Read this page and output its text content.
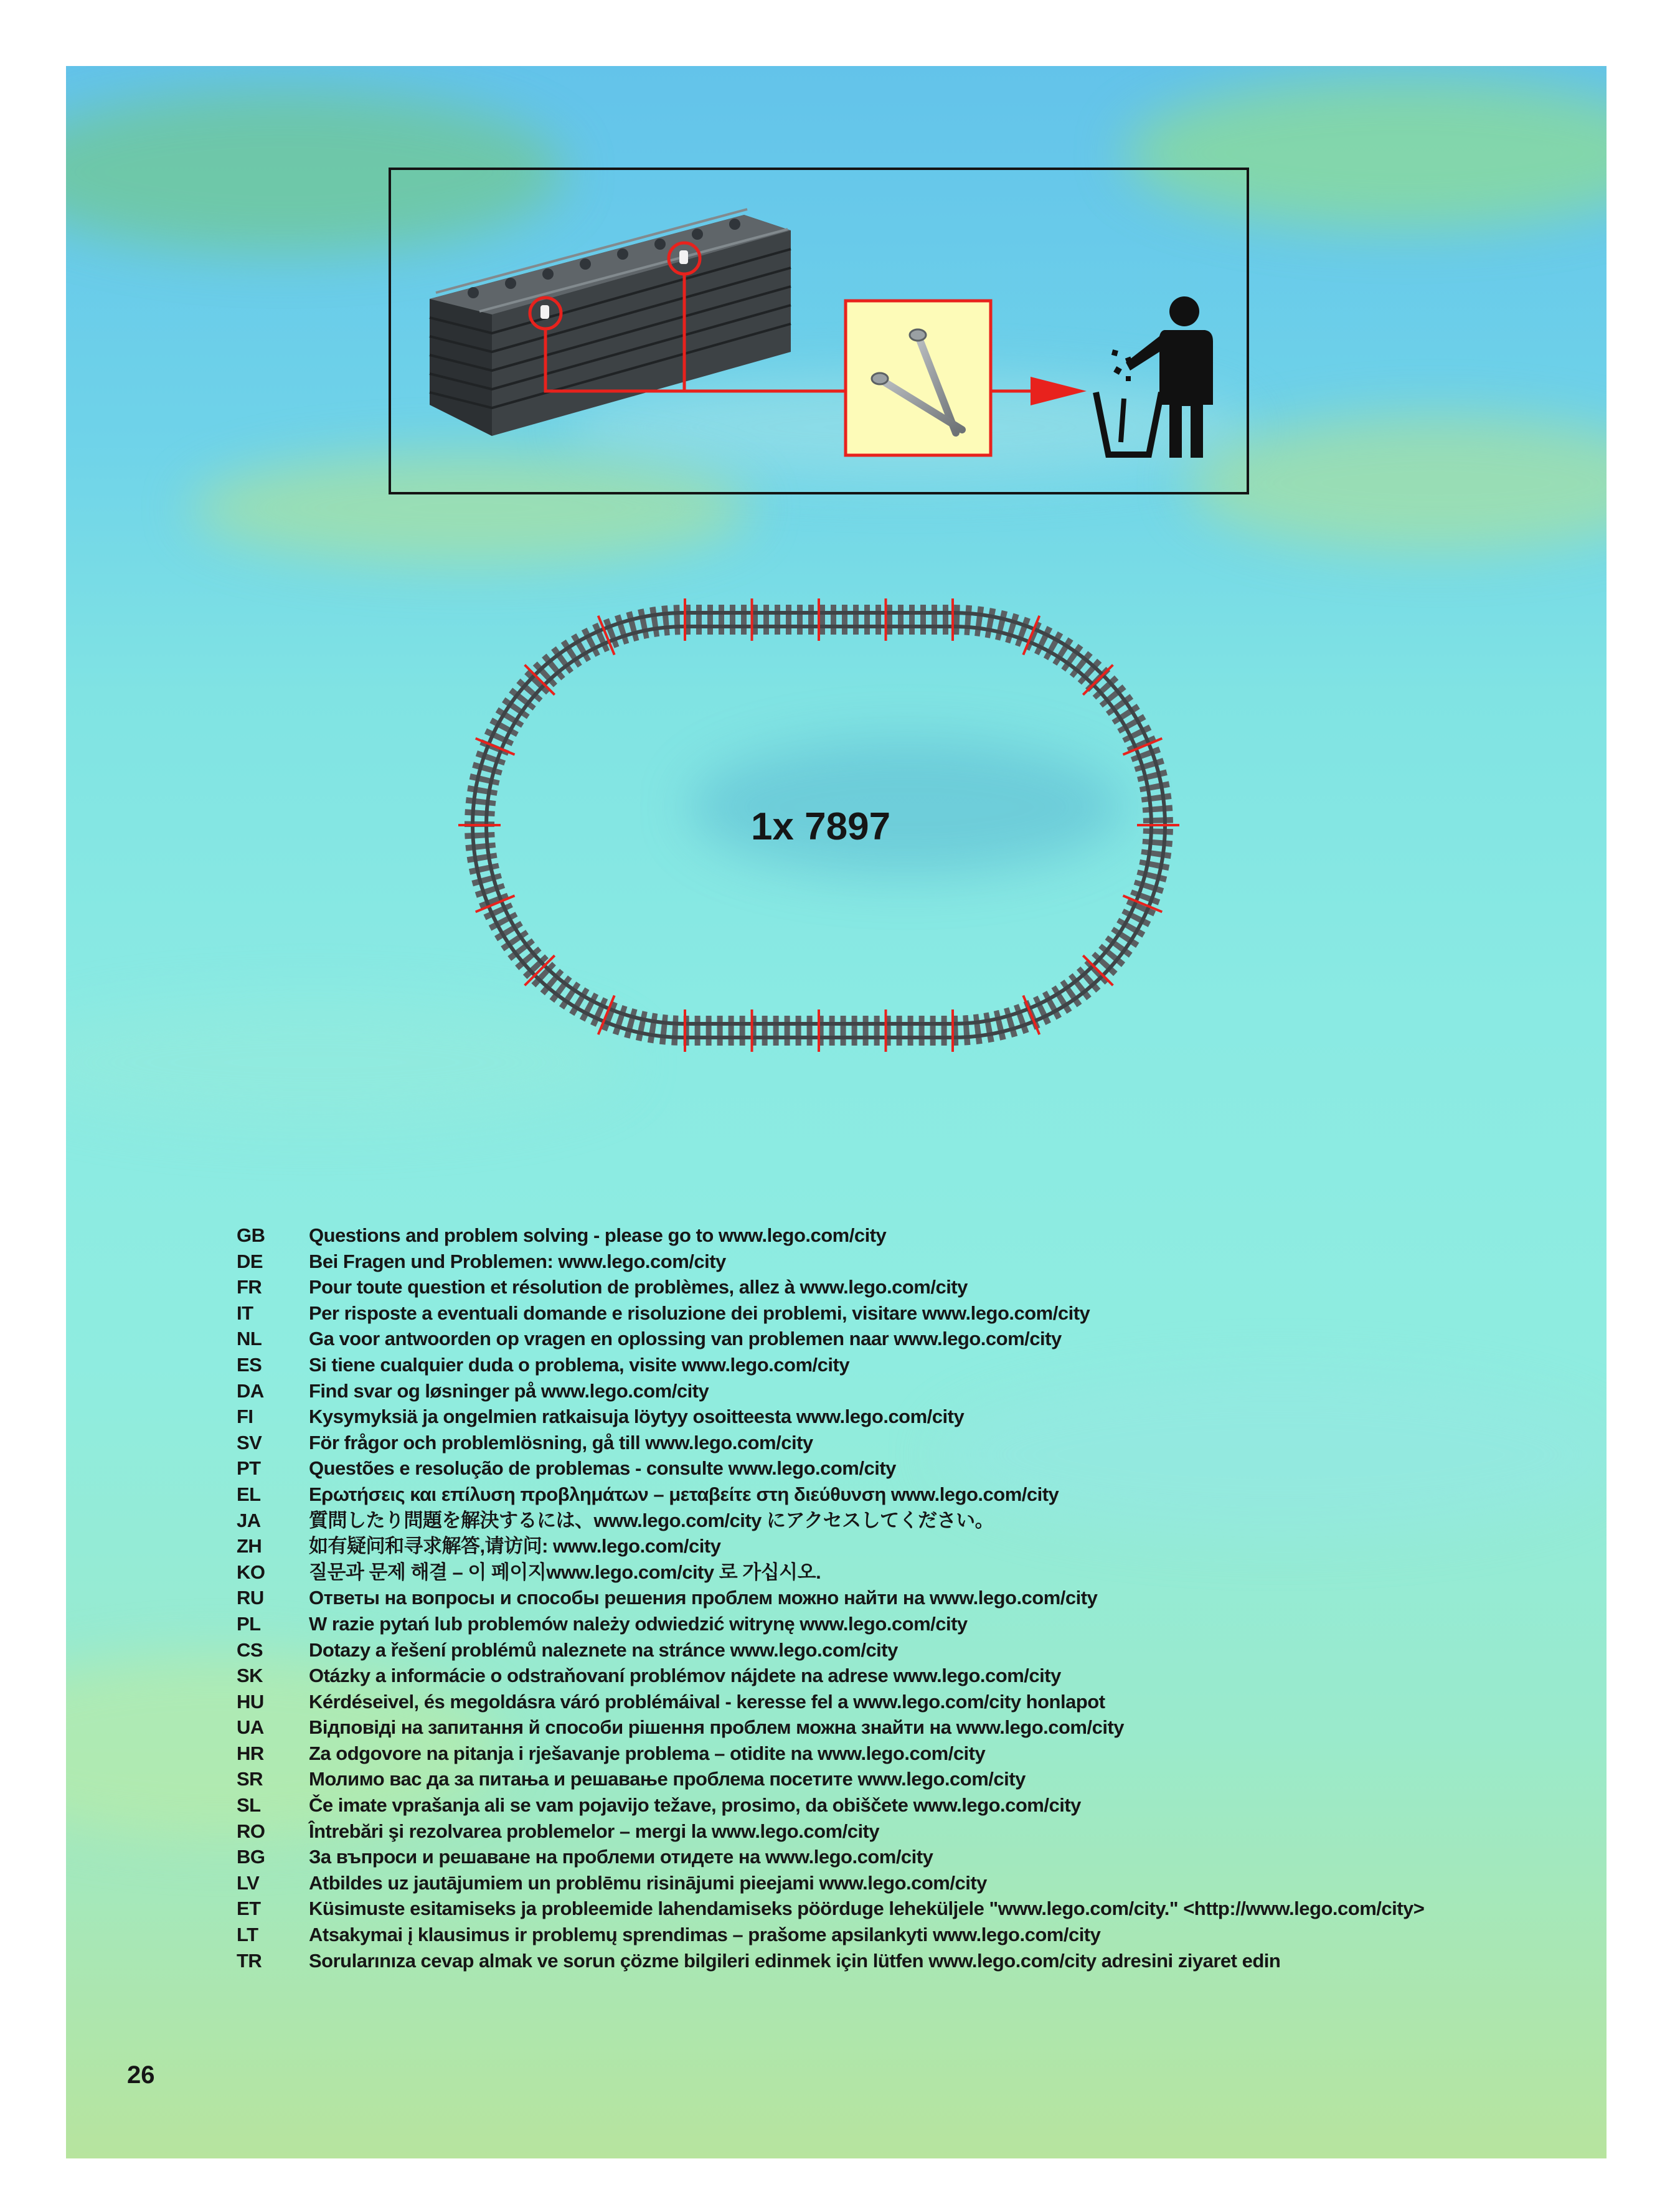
1x 7897
GB	Questions and problem solving - please go to www.lego.com/city
DE	Bei Fragen und Problemen: www.lego.com/city
FR	Pour toute question et résolution de problèmes, allez à www.lego.com/city
IT	Per risposte a eventuali domande e risoluzione dei problemi, visitare www.lego.com/city
NL	Ga voor antwoorden op vragen en oplossing van problemen naar www.lego.com/city
ES	Si tiene cualquier duda o problema, visite www.lego.com/city
DA	Find svar og løsninger på www.lego.com/city
FI	Kysymyksiä ja ongelmien ratkaisuja löytyy osoitteesta www.lego.com/city
SV	För frågor och problemlösning, gå till www.lego.com/city
PT	Questões e resolução de problemas - consulte www.lego.com/city
EL	Ερωτήσεις και επίλυση προβλημάτων – μεταβείτε στη διεύθυνση www.lego.com/city
JA	質問したり問題を解決するには、www.lego.com/city にアクセスしてください。
ZH	如有疑问和寻求解答,请访问: www.lego.com/city
KO	질문과 문제 해결 – 이 페이지www.lego.com/city 로 가십시오.
RU	Ответы на вопросы и способы решения проблем можно найти на www.lego.com/city
PL	W razie pytań lub problemów należy odwiedzić witrynę www.lego.com/city
CS	Dotazy a řešení problémů naleznete na stránce www.lego.com/city
SK	Otázky a informácie o odstraňovaní problémov nájdete na adrese www.lego.com/city
HU	Kérdéseivel, és megoldásra váró problémáival - keresse fel a www.lego.com/city honlapot
UA	Відповіді на запитання й способи рішення проблем можна знайти на www.lego.com/city
HR	Za odgovore na pitanja i rješavanje problema – otidite na www.lego.com/city
SR	Молимо вас да за питања и решавање проблема посетите www.lego.com/city
SL	Če imate vprašanja ali se vam pojavijo težave, prosimo, da obiščete www.lego.com/city
RO	Întrebări şi rezolvarea problemelor – mergi la www.lego.com/city
BG	За въпроси и решаване на проблеми отидете на www.lego.com/city
LV	Atbildes uz jautājumiem un problēmu risinājumi pieejami www.lego.com/city
ET	Küsimuste esitamiseks ja probleemide lahendamiseks pöörduge leheküljele "www.lego.com/city." <http://www.lego.com/city>
LT	Atsakymai į klausimus ir problemų sprendimas – prašome apsilankyti www.lego.com/city
TR	Sorularınıza cevap almak ve sorun çözme bilgileri edinmek için lütfen www.lego.com/city adresini ziyaret edin
26
